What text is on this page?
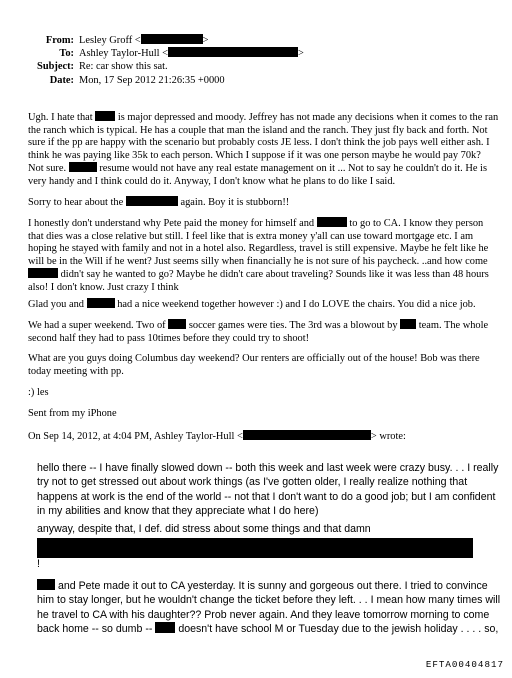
From: Lesley Groff <	>
To: Ashley Taylor-Hull <	>
Subject: Re: car show this sat.
Date: Mon, 17 Sep 2012 21:26:35 +0000
Ugh. I hate that is major depressed and moody. Jeffrey has not made any decisions when it comes to the ran
the ranch which is typical. He has a couple that man the island and the ranch. They just fly back and forth. Not
sure if the pp are happy with the scenario but probably costs JE less. I don't think the job pays well either ash. I
think he was paying like 35k to each person. Which I suppose if it was one person maybe he would pay 70k?
Not sure.	resume would not have any real estate management on it ... Not to say he couldn't do it. He is
very handy and I think could do it. Anyway, I don't know what he plans to do like I said.
Sorry to hear about the	again. Boy it is stubborn!!
I honestly don't understand why Pete paid the money for himself and	to go to CA. I know they person
that dies was a close relative but still. I feel like that is extra money y'all can use toward mortgage etc. I am
hoping he stayed with family and not in a hotel also. Regardless, travel is still expensive. Maybe he felt like he
will be in the Will if he went? Just seems silly when financially he is not sure of his paycheck. ..and how come
didn't say he wanted to go? Maybe he didn't care about traveling? Sounds like it was less than 48 hours
also! I don't know. Just crazy I think
Glad you and	had a nice weekend together however :) and I do LOVE the chairs. You did a nice job.
We had a super weekend. Two of soccer games were ties. The 3rd was a blowout by team. The whole
second half they had to pass 10times before they could try to shoot!
What are you guys doing Columbus day weekend? Our renters are officially out of the house! Bob was there
today meeting with pp.
:) les
Sent from my iPhone
On Sep 14, 2012, at 4:04 PM, Ashley Taylor-Hull <	> wrote:
hello there -- I have finally slowed down -- both this week and last week were crazy busy. . . I really
try not to get stressed out about work things (as I've gotten older, I really realize nothing that
happens at work is the end of the world -- not that I don't want to do a good job; but I am confident
in my abilities and know that they appreciate what I do here)
anyway, despite that, I def. did stress about some things and that damn
!
and Pete made it out to CA yesterday. It is sunny and gorgeous out there. I tried to convince
him to stay longer, but he wouldn't change the ticket before they left. . . I mean how many times will
he travel to CA with his daughter?? Prob never again. And they leave tomorrow morning to come
back home -- so dumb -- doesn't have school M or Tuesday due to the jewish holiday . . . . so,
EFTA00404817
